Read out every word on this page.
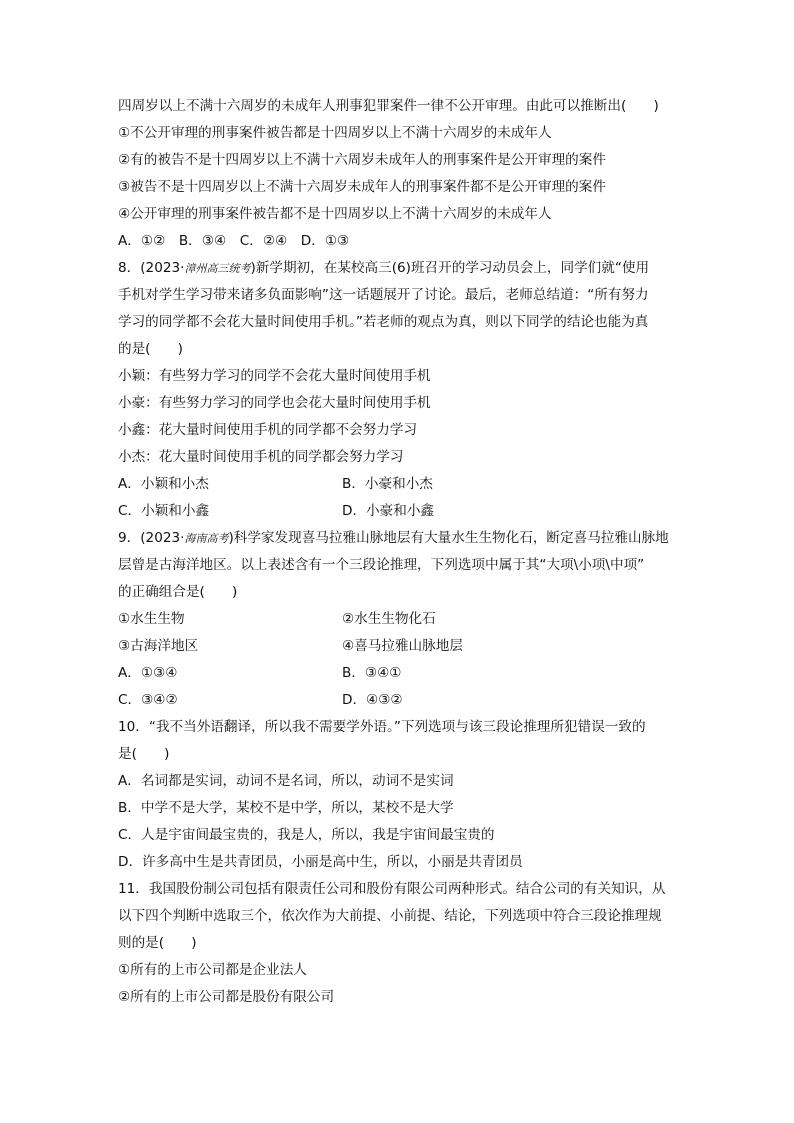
四周岁以上不满十六周岁的未成年人刑事犯罪案件一律不公开审理。由此可以推断出(　　)
①不公开审理的刑事案件被告都是十四周岁以上不满十六周岁的未成年人
②有的被告不是十四周岁以上不满十六周岁未成年人的刑事案件是公开审理的案件
③被告不是十四周岁以上不满十六周岁未成年人的刑事案件都不是公开审理的案件
④公开审理的刑事案件被告都不是十四周岁以上不满十六周岁的未成年人
A．①②　B．③④　C．②④　D．①③
8．(2023·漳州高三统考)新学期初，在某校高三(6)班召开的学习动员会上，同学们就“使用
手机对学生学习带来诸多负面影响”这一话题展开了讨论。最后，老师总结道：“所有努力
学习的同学都不会花大量时间使用手机。”若老师的观点为真，则以下同学的结论也能为真
的是(　　)
小颖：有些努力学习的同学不会花大量时间使用手机
小豪：有些努力学习的同学也会花大量时间使用手机
小鑫：花大量时间使用手机的同学都不会努力学习
小杰：花大量时间使用手机的同学都会努力学习
A．小颖和小杰	B．小豪和小杰
C．小颖和小鑫	D．小豪和小鑫
9．(2023·海南高考)科学家发现喜马拉雅山脉地层有大量水生生物化石，断定喜马拉雅山脉地
层曾是古海洋地区。以上表述含有一个三段论推理，下列选项中属于其“大项\小项\中项”
的正确组合是(　　)
①水生生物	②水生生物化石
③古海洋地区	④喜马拉雅山脉地层
A．①③④	B．③④①
C．③④②	D．④③②
10．“我不当外语翻译，所以我不需要学外语。”下列选项与该三段论推理所犯错误一致的
是(　　)
A．名词都是实词，动词不是名词，所以，动词不是实词
B．中学不是大学，某校不是中学，所以，某校不是大学
C．人是宇宙间最宝贵的，我是人，所以，我是宇宙间最宝贵的
D．许多高中生是共青团员，小丽是高中生，所以，小丽是共青团员
11．我国股份制公司包括有限责任公司和股份有限公司两种形式。结合公司的有关知识，从
以下四个判断中选取三个，依次作为大前提、小前提、结论，下列选项中符合三段论推理规
则的是(　　)
①所有的上市公司都是企业法人
②所有的上市公司都是股份有限公司
